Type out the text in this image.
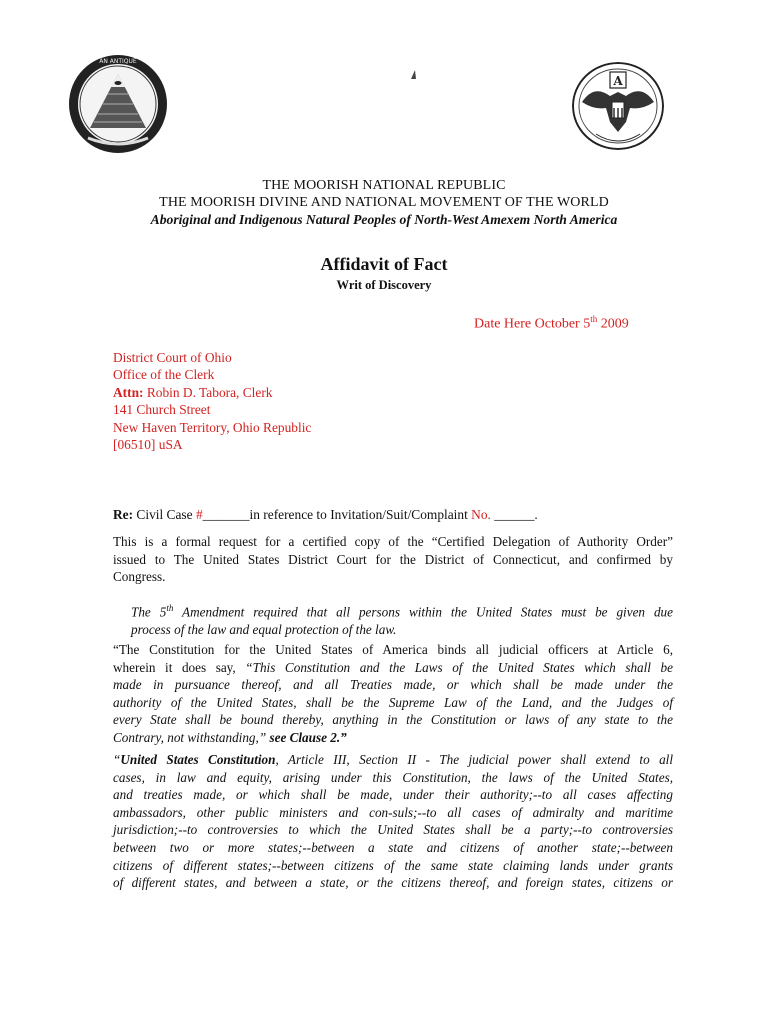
AN ANTIQUE
A
THE MOORISH NATIONAL REPUBLIC
THE MOORISH DIVINE AND NATIONAL MOVEMENT OF THE WORLD
Aboriginal and Indigenous Natural Peoples of North-West Amexem North America
Affidavit of Fact
Writ of Discovery
Date Here October 5th 2009
District Court of Ohio
Office of the Clerk
Attn: Robin D. Tabora, Clerk
141 Church Street
New Haven Territory, Ohio Republic
[06510] uSA
Re: Civil Case #_______in reference to Invitation/Suit/Complaint No. ______.
This is a formal request for a certified copy of the “Certified Delegation of Authority Order”
issued to The United States District Court for the District of Connecticut, and confirmed by
Congress.
The 5th Amendment required that all persons within the United States must be given due
process of the law and equal protection of the law.
“The Constitution for the United States of America binds all judicial officers at Article 6,
wherein it does say, “This Constitution and the Laws of the United States which shall be
made in pursuance thereof, and all Treaties made, or which shall be made under the
authority of the United States, shall be the Supreme Law of the Land, and the Judges of
every State shall be bound thereby, anything in the Constitution or laws of any state to the
Contrary, not withstanding,” see Clause 2.”
“United States Constitution, Article III, Section II - The judicial power shall extend to all
cases, in law and equity, arising under this Constitution, the laws of the United States,
and treaties made, or which shall be made, under their authority;--to all cases affecting
ambassadors, other public ministers and con-suls;--to all cases of admiralty and maritime
jurisdiction;--to controversies to which the United States shall be a party;--to controversies
between two or more states;--between a state and citizens of another state;--between
citizens of different states;--between citizens of the same state claiming lands under grants
of different states, and between a state, or the citizens thereof, and foreign states, citizens or
